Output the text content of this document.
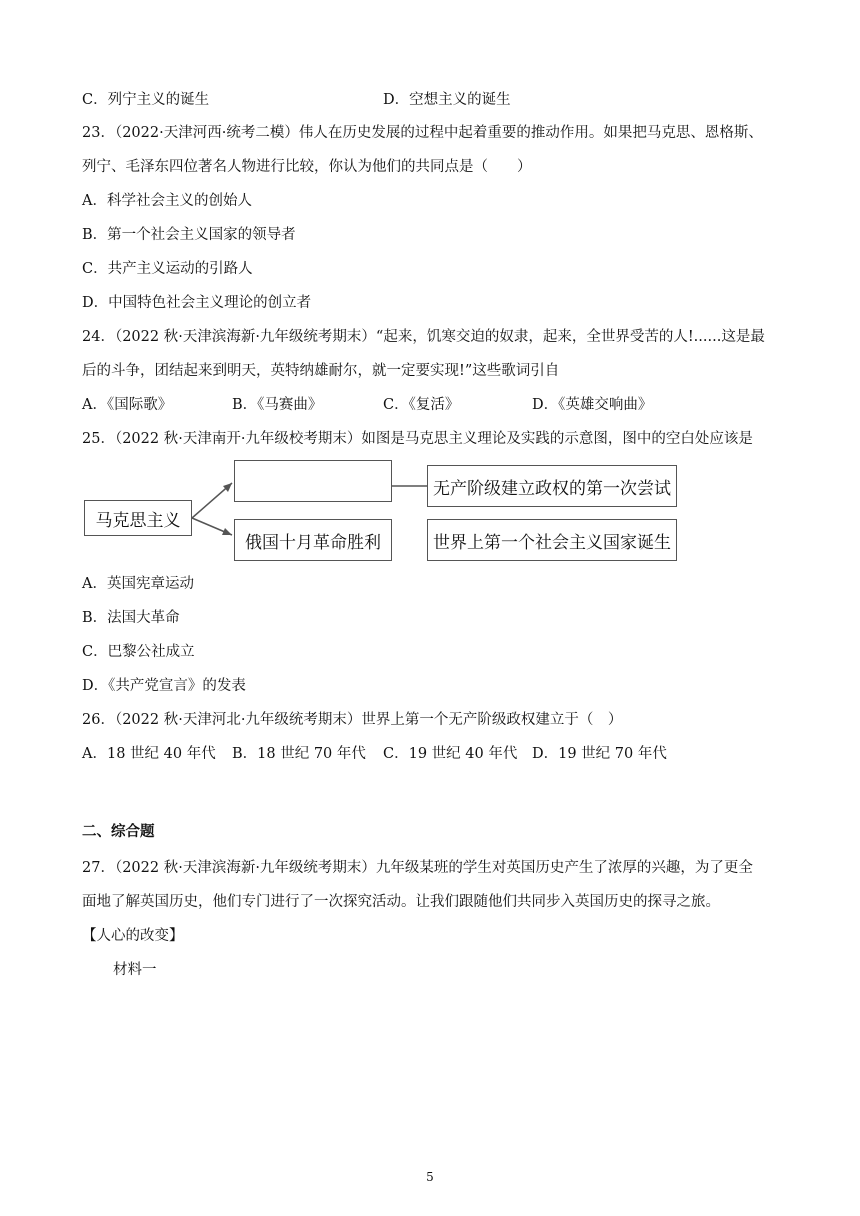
C．列宁主义的诞生	D．空想主义的诞生
23．（2022·天津河西·统考二模）伟人在历史发展的过程中起着重要的推动作用。如果把马克思、恩格斯、
列宁、毛泽东四位著名人物进行比较，你认为他们的共同点是（　　）
A．科学社会主义的创始人
B．第一个社会主义国家的领导者
C．共产主义运动的引路人
D．中国特色社会主义理论的创立者
24．（2022 秋·天津滨海新·九年级统考期末）“起来，饥寒交迫的奴隶，起来，全世界受苦的人!......这是最
后的斗争，团结起来到明天，英特纳雄耐尔，就一定要实现!”这些歌词引自
A．《国际歌》	B．《马赛曲》	C．《复活》	D．《英雄交响曲》
25．（2022 秋·天津南开·九年级校考期末）如图是马克思主义理论及实践的示意图，图中的空白处应该是
马克思主义
俄国十月革命胜利
无产阶级建立政权的第一次尝试
世界上第一个社会主义国家诞生
A．英国宪章运动
B．法国大革命
C．巴黎公社成立
D．《共产党宣言》的发表
26．（2022 秋·天津河北·九年级统考期末）世界上第一个无产阶级政权建立于（　）
A．18 世纪 40 年代 B．18 世纪 70 年代 C．19 世纪 40 年代 D．19 世纪 70 年代
二、综合题
27．（2022 秋·天津滨海新·九年级统考期末）九年级某班的学生对英国历史产生了浓厚的兴趣，为了更全
面地了解英国历史，他们专门进行了一次探究活动。让我们跟随他们共同步入英国历史的探寻之旅。
【人心的改变】
材料一
5
